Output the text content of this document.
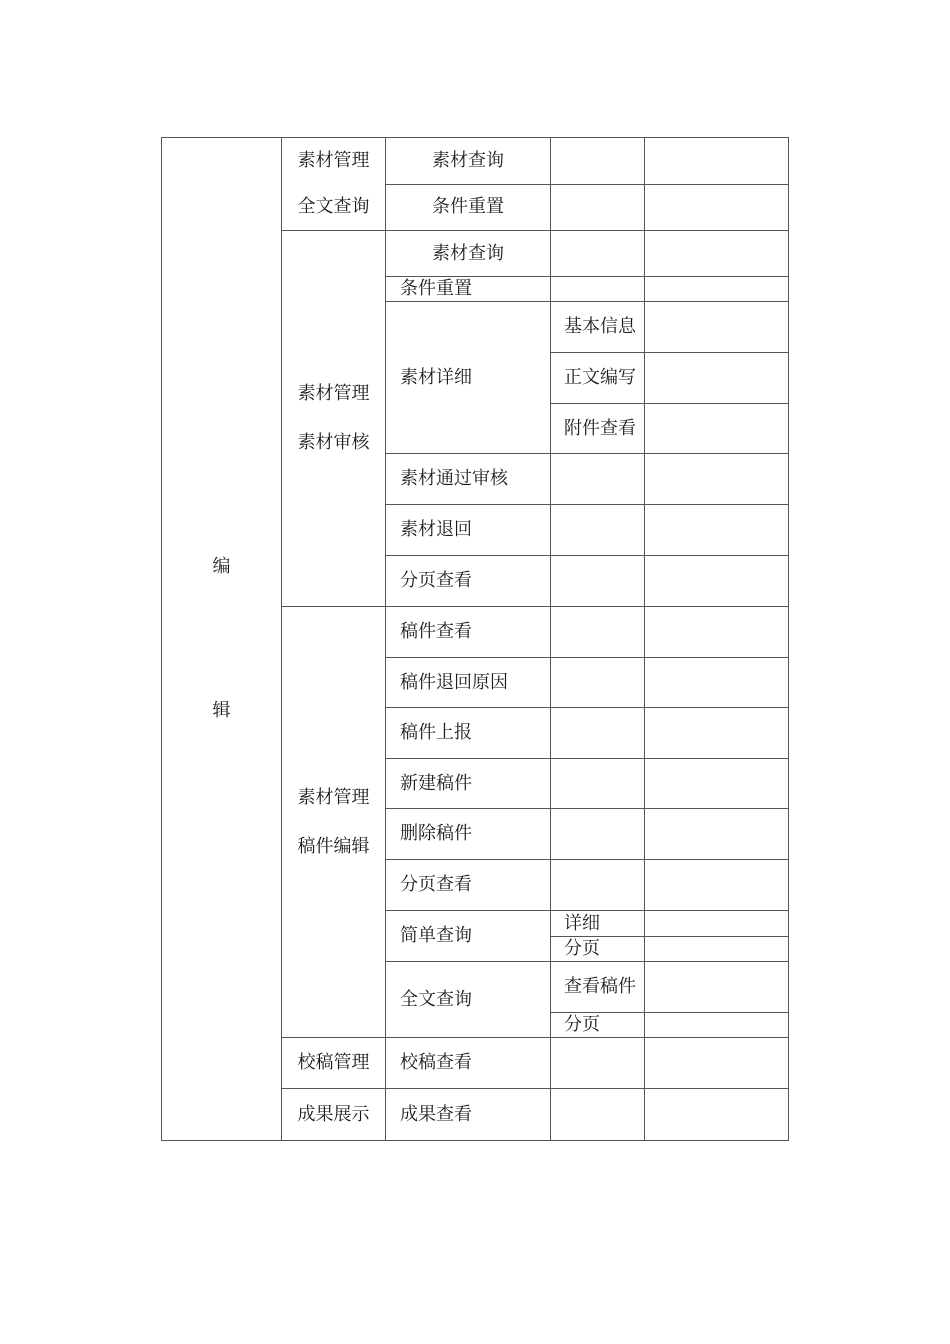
编
辑	素材管理
全文查询	素材查询		
		条件重置		
	素材管理
素材审核	素材查询		
		条件重置		
		素材详细	基本信息	
			正文编写	
			附件查看	
		素材通过审核		
		素材退回		
		分页查看		
	素材管理
稿件编辑	稿件查看		
		稿件退回原因		
		稿件上报		
		新建稿件		
		删除稿件		
		分页查看		
		简单查询	详细	
			分页	
		全文查询	查看稿件	
			分页	
	校稿管理	校稿查看		
	成果展示	成果查看		
